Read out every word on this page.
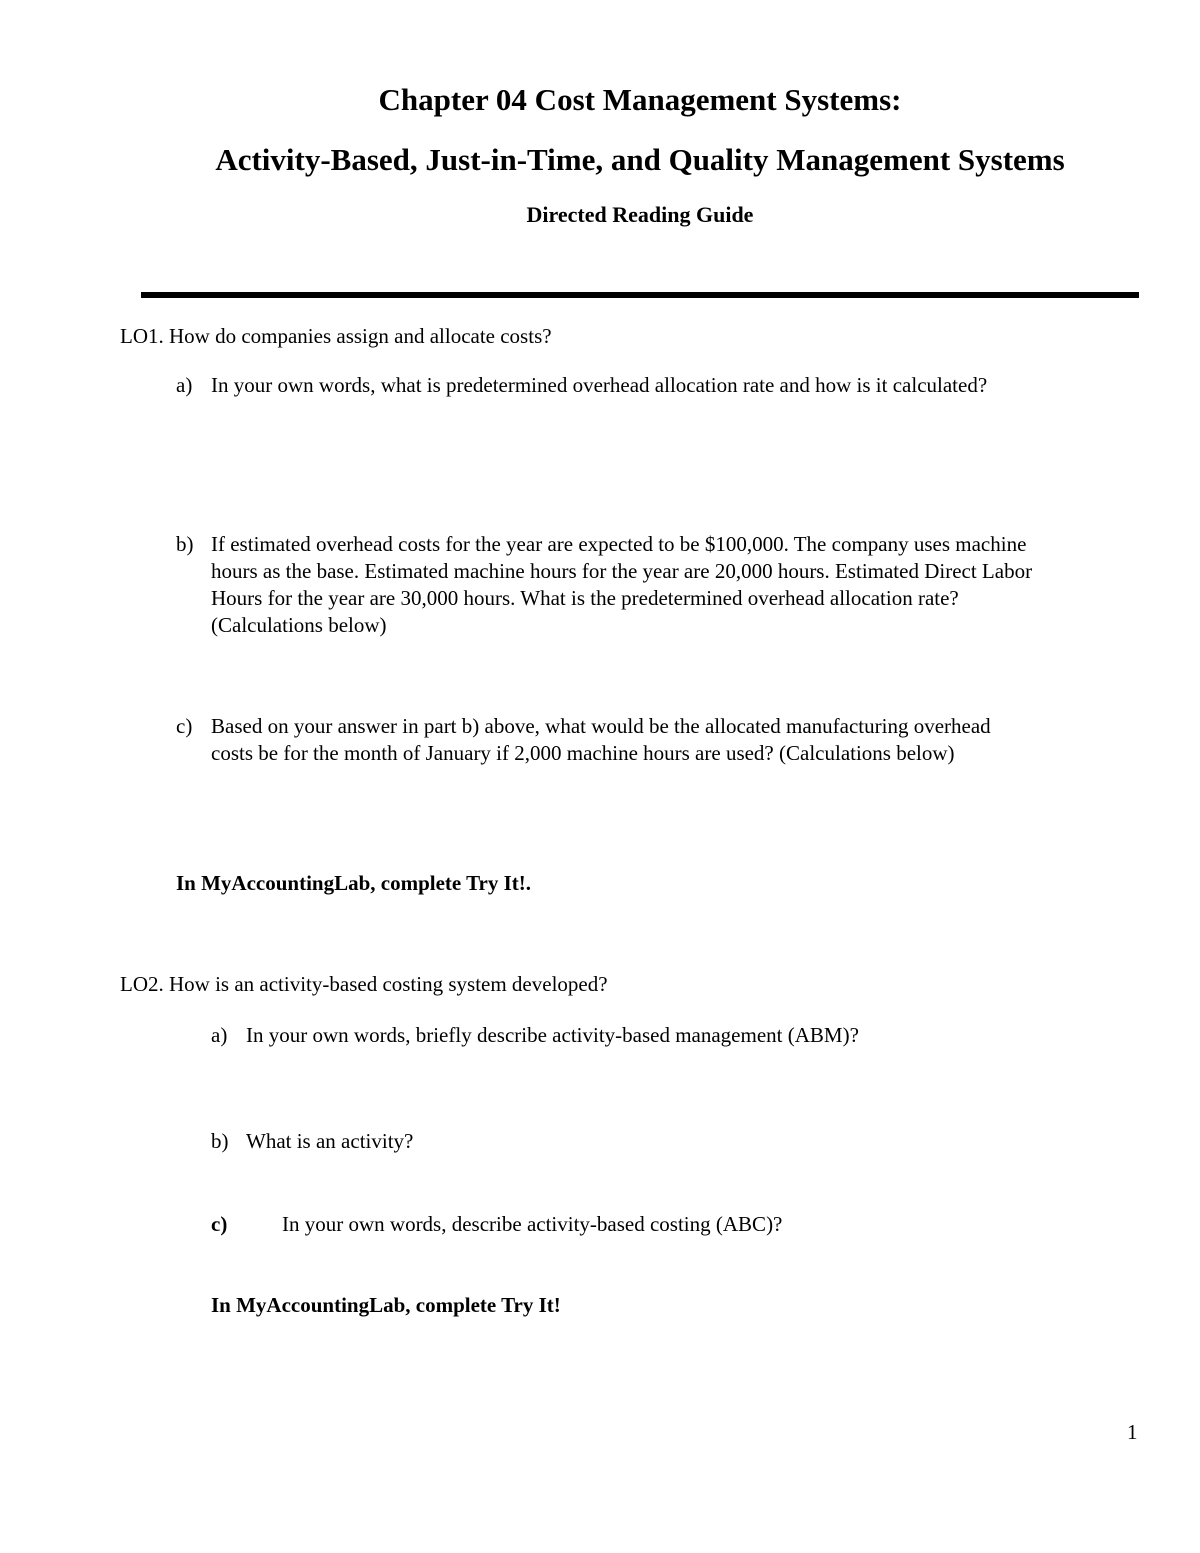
Chapter 04 Cost Management Systems:
Activity-Based, Just-in-Time, and Quality Management Systems
Directed Reading Guide
LO1. How do companies assign and allocate costs?
a) In your own words, what is predetermined overhead allocation rate and how is it calculated?
b) If estimated overhead costs for the year are expected to be $100,000. The company uses machine
hours as the base. Estimated machine hours for the year are 20,000 hours. Estimated Direct Labor
Hours for the year are 30,000 hours. What is the predetermined overhead allocation rate?
(Calculations below)
c) Based on your answer in part b) above, what would be the allocated manufacturing overhead
costs be for the month of January if 2,000 machine hours are used? (Calculations below)
In MyAccountingLab, complete Try It!.
LO2. How is an activity-based costing system developed?
a) In your own words, briefly describe activity-based management (ABM)?
b) What is an activity?
c)	In your own words, describe activity-based costing (ABC)?
In MyAccountingLab, complete Try It!
1
